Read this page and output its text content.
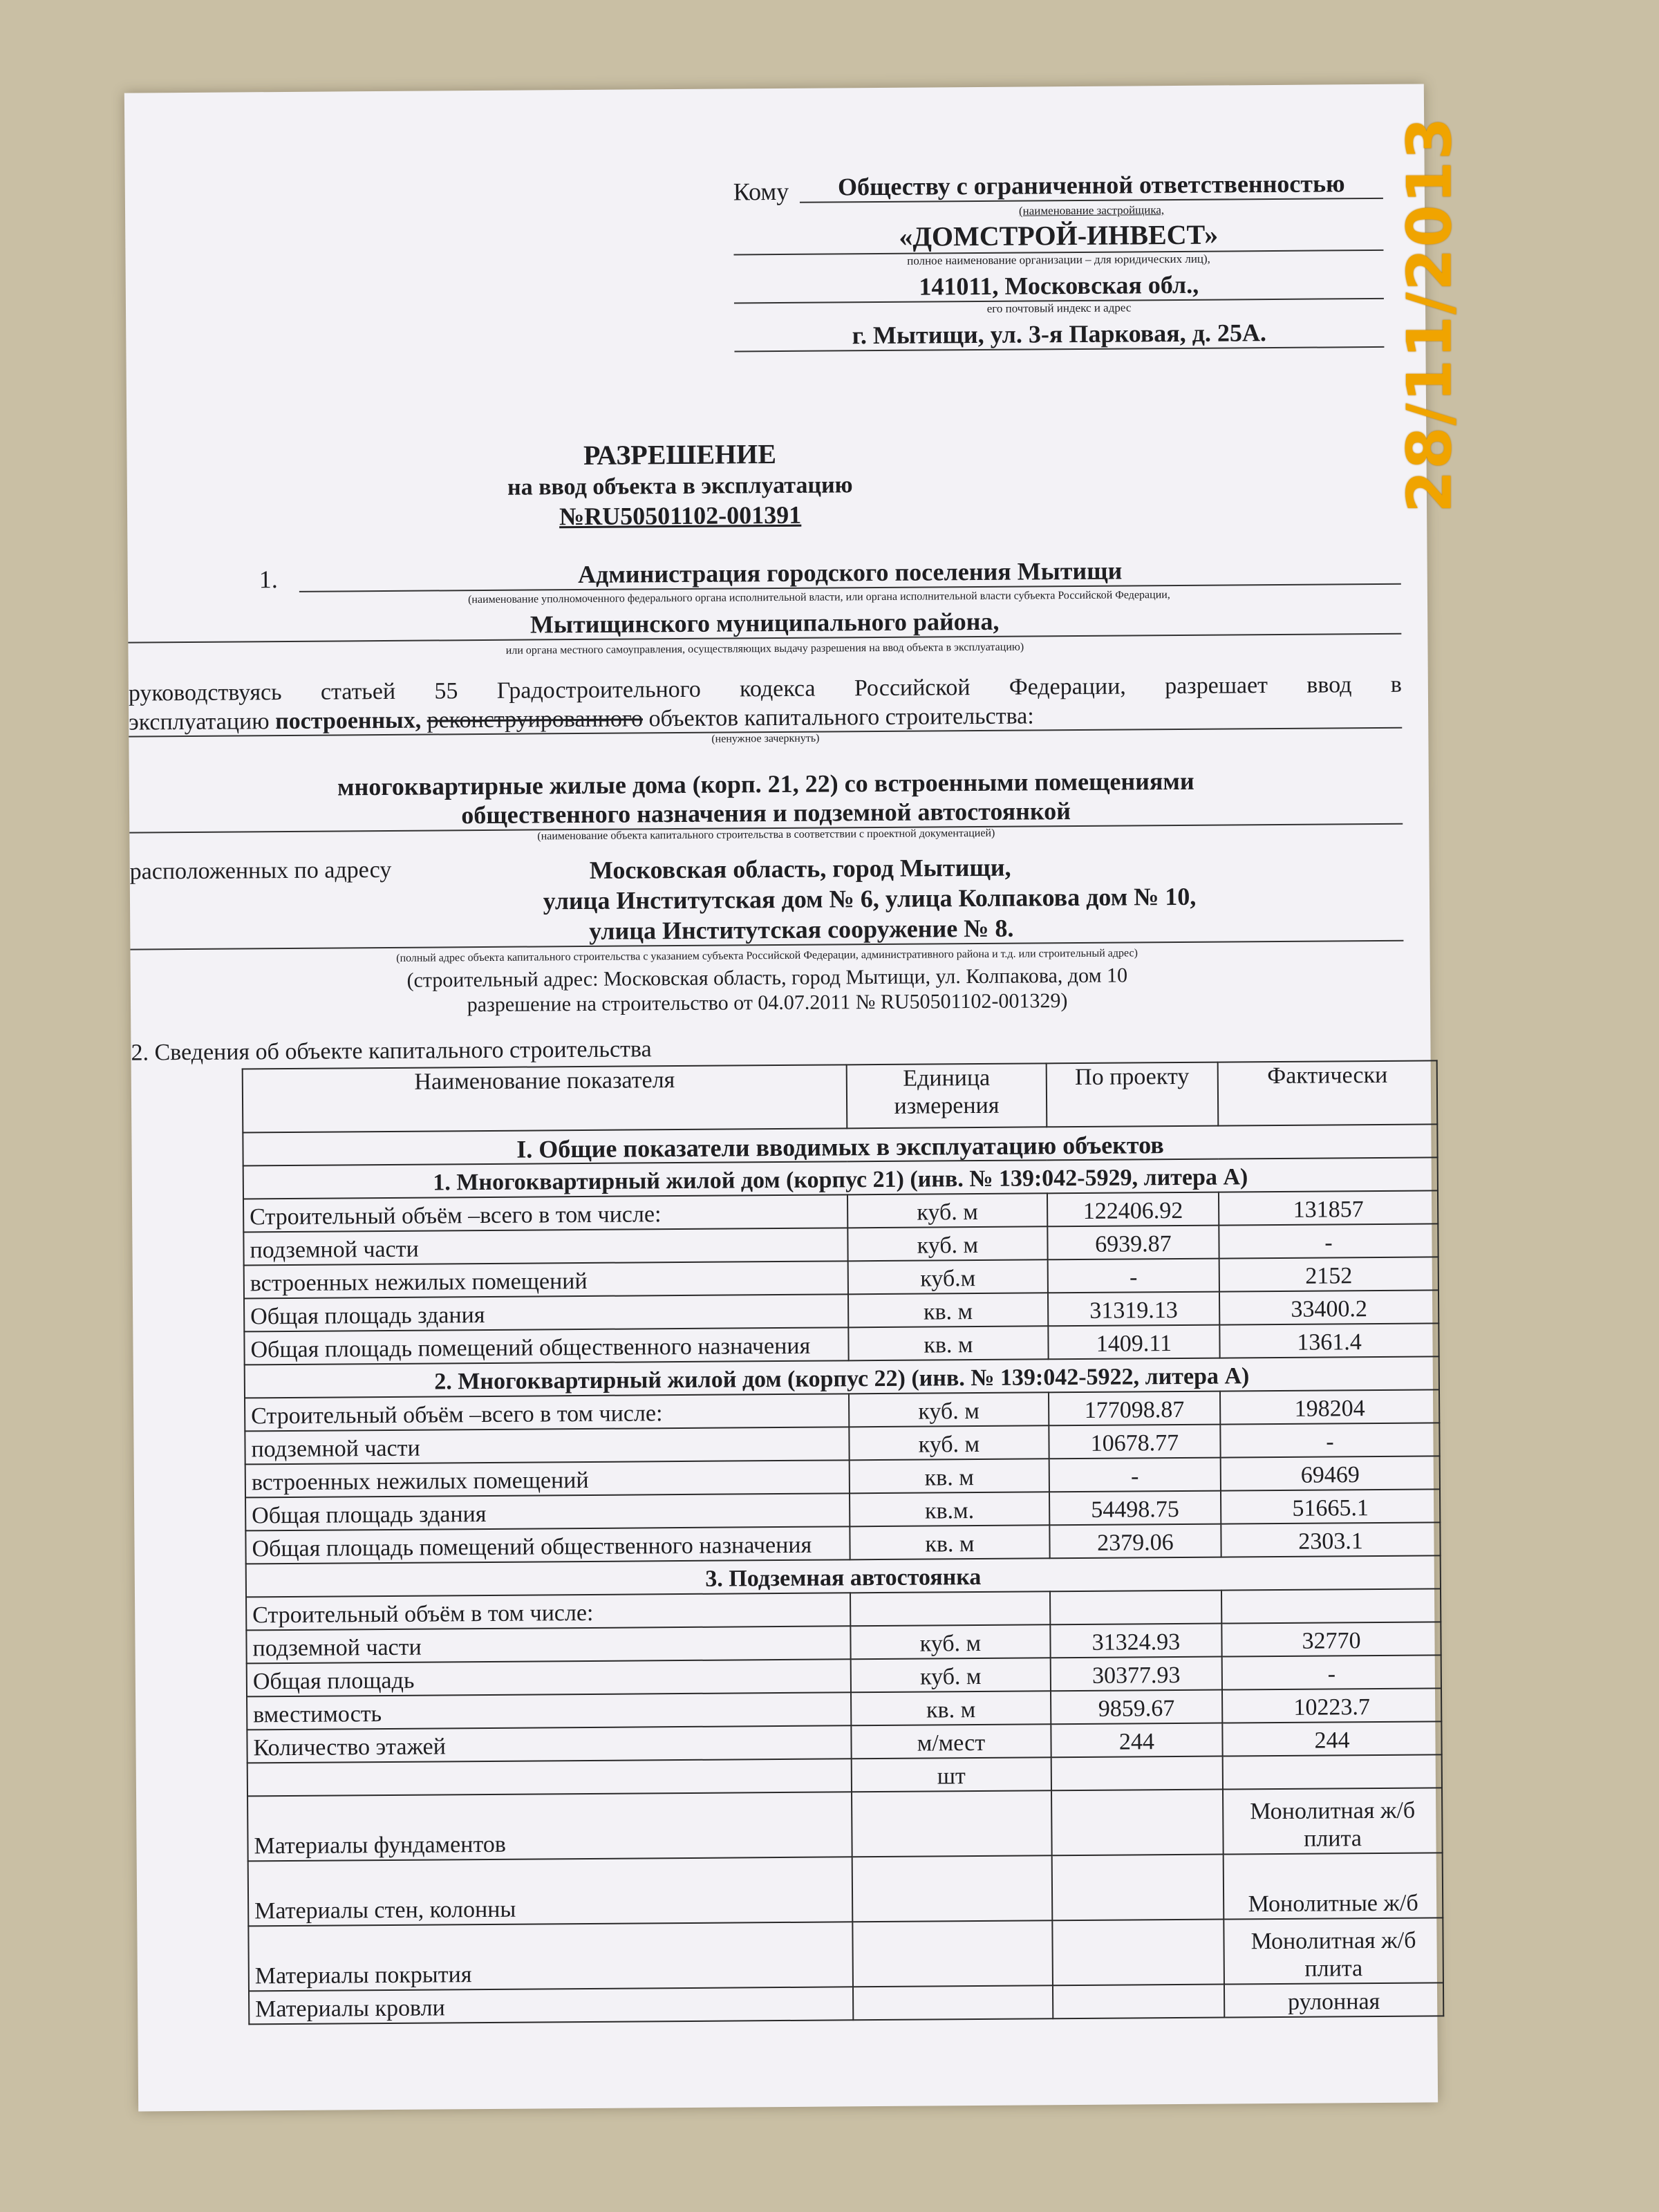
Кому	Обществу с ограниченной ответственностью
(наименование застройщика,
«ДОМСТРОЙ-ИНВЕСТ»
полное наименование организации – для юридических лиц),
141011, Московская обл.,
его почтовый индекс и адрес
г. Мытищи, ул. 3-я Парковая, д. 25А.
РАЗРЕШЕНИЕ
на ввод объекта в эксплуатацию
№RU50501102-001391
1.	Администрация городского поселения Мытищи
(наименование уполномоченного федерального органа исполнительной власти, или органа исполнительной власти субъекта Российской Федерации,
Мытищинского муниципального района,
или органа местного самоуправления, осуществляющих выдачу разрешения на ввод объекта в эксплуатацию)
руководствуясь статьей 55 Градостроительного кодекса Российской Федерации, разрешает ввод в
эксплуатацию построенных, реконструированного объектов капитального строительства:
(ненужное зачеркнуть)
многоквартирные жилые дома (корп. 21, 22) со встроенными помещениями
общественного назначения и подземной автостоянкой
(наименование объекта капитального строительства в соответствии с проектной документацией)
расположенных по адресу	Московская область, город Мытищи,
улица Институтская дом № 6, улица Колпакова дом № 10,
улица Институтская сооружение № 8.
(полный адрес объекта капитального строительства с указанием субъекта Российской Федерации, административного района и т.д. или строительный адрес)
(строительный адрес: Московская область, город Мытищи, ул. Колпакова, дом 10
разрешение на строительство от 04.07.2011 № RU50501102-001329)
2. Сведения об объекте капитального строительства
Наименование показателя	Единица измерения	По проекту	Фактически
I. Общие показатели вводимых в эксплуатацию объектов			
1. Многоквартирный жилой дом (корпус 21) (инв. № 139:042-5929, литера А)			
Строительный объём –всего в том числе:	куб. м	122406.92	131857
подземной части	куб. м	6939.87	-
встроенных нежилых помещений	куб.м	-	2152
Общая площадь здания	кв. м	31319.13	33400.2
Общая площадь помещений общественного назначения	кв. м	1409.11	1361.4
2. Многоквартирный жилой дом (корпус 22) (инв. № 139:042-5922, литера А)			
Строительный объём –всего в том числе:	куб. м	177098.87	198204
подземной части	куб. м	10678.77	-
встроенных нежилых помещений	кв. м	-	69469
Общая площадь здания	кв.м.	54498.75	51665.1
Общая площадь помещений общественного назначения	кв. м	2379.06	2303.1
3. Подземная автостоянка			
Строительный объём в том числе:			
подземной части	куб. м	31324.93	32770
Общая площадь	куб. м	30377.93	-
вместимость	кв. м	9859.67	10223.7
Количество этажей	м/мест	244	244
	шт		
Материалы фундаментов			Монолитная ж/б плита
Материалы стен, колонны			Монолитные ж/б
Материалы покрытия			Монолитная ж/б плита
Материалы кровли			рулонная
28/11/2013
